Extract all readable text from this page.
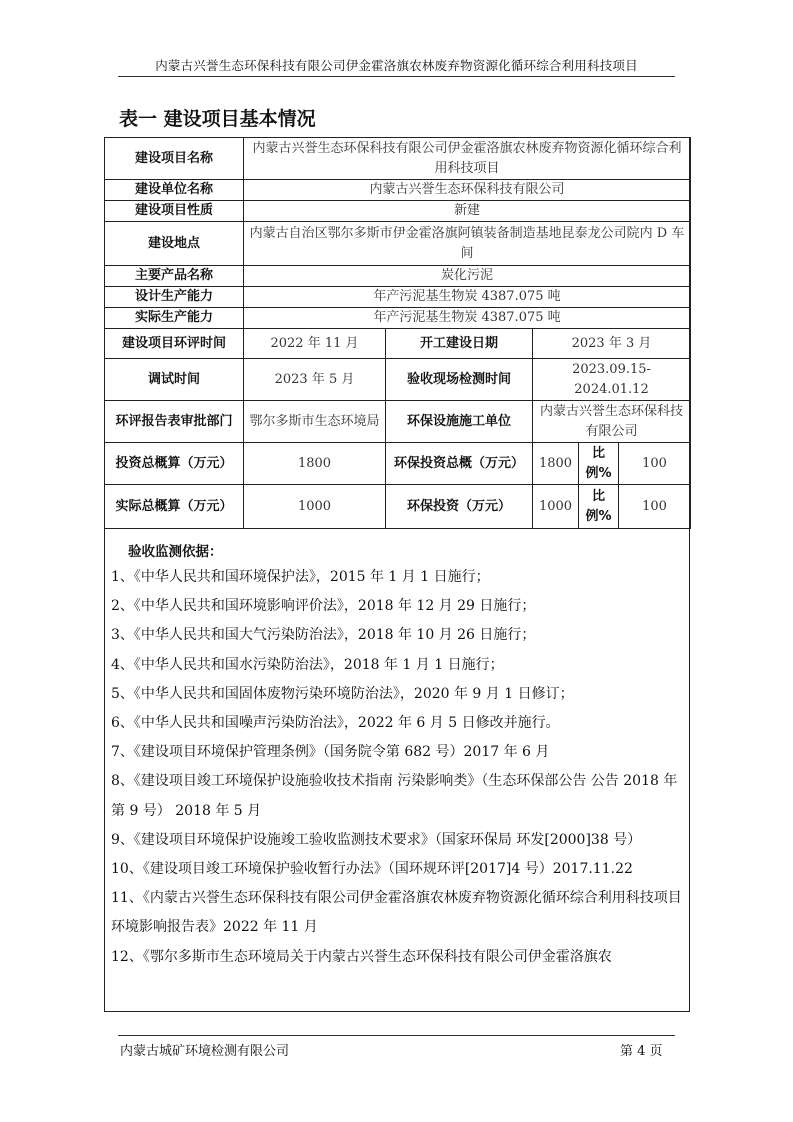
内蒙古兴誉生态环保科技有限公司伊金霍洛旗农林废弃物资源化循环综合利用科技项目
表一 建设项目基本情况
建设项目名称	内蒙古兴誉生态环保科技有限公司伊金霍洛旗农林废弃物资源化循环综合利用科技项目				
建设单位名称	内蒙古兴誉生态环保科技有限公司				
建设项目性质	新建				
建设地点	内蒙古自治区鄂尔多斯市伊金霍洛旗阿镇装备制造基地昆泰龙公司院内 D 车间				
主要产品名称	炭化污泥				
设计生产能力	年产污泥基生物炭 4387.075 吨				
实际生产能力	年产污泥基生物炭 4387.075 吨				
建设项目环评时间	2022 年 11 月	开工建设日期	2023 年 3 月		
调试时间	2023 年 5 月	验收现场检测时间	2023.09.15-2024.01.12		
环评报告表审批部门	鄂尔多斯市生态环境局	环保设施施工单位	内蒙古兴誉生态环保科技有限公司		
投资总概算（万元）	1800	环保投资总概（万元）	1800	比例%	100
实际总概算（万元）	1000	环保投资（万元）	1000	比例%	100
验收监测依据：
1、《中华人民共和国环境保护法》，2015 年 1 月 1 日施行；
2、《中华人民共和国环境影响评价法》，2018 年 12 月 29 日施行；
3、《中华人民共和国大气污染防治法》，2018 年 10 月 26 日施行；
4、《中华人民共和国水污染防治法》，2018 年 1 月 1 日施行；
5、《中华人民共和国固体废物污染环境防治法》，2020 年 9 月 1 日修订；
6、《中华人民共和国噪声污染防治法》，2022 年 6 月 5 日修改并施行。
7、《建设项目环境保护管理条例》（国务院令第 682 号）2017 年 6 月
8、《建设项目竣工环境保护设施验收技术指南 污染影响类》（生态环保部公告 公告 2018 年 第 9 号） 2018 年 5 月
9、《建设项目环境保护设施竣工验收监测技术要求》（国家环保局 环发[2000]38 号）
10、《建设项目竣工环境保护验收暂行办法》（国环规环评[2017]4 号）2017.11.22
11、《内蒙古兴誉生态环保科技有限公司伊金霍洛旗农林废弃物资源化循环综合利用科技项目环境影响报告表》2022 年 11 月
12、《鄂尔多斯市生态环境局关于内蒙古兴誉生态环保科技有限公司伊金霍洛旗农
内蒙古城矿环境检测有限公司	第 4 页
